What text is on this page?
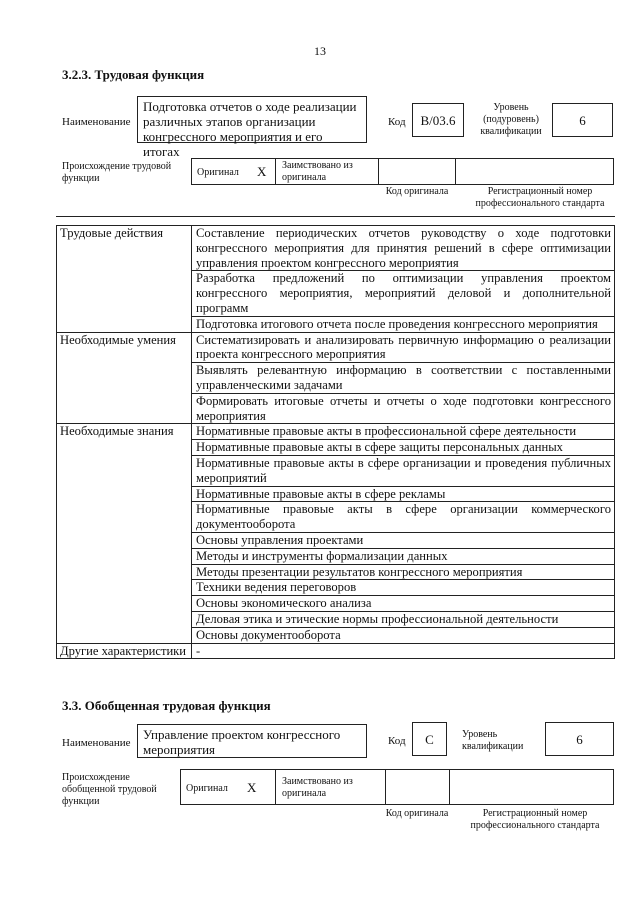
13
3.2.3. Трудовая функция
Наименование
Подготовка отчетов о ходе реализации различных этапов организации конгрессного мероприятия и его итогах
Код	B/03.6
Уровень (подуровень) квалификации
6
Происхождение трудовой функции
Оригинал X Заимствовано из оригинала
Код оригинала	Регистрационный номер профессионального стандарта
Трудовые действия	Составление периодических отчетов руководству о ходе подготовки конгрессного мероприятия для принятия решений в сфере оптимизации управления проектом конгрессного мероприятия
	Разработка предложений по оптимизации управления проектом конгрессного мероприятия, мероприятий деловой и дополнительной программ
	Подготовка итогового отчета после проведения конгрессного мероприятия
Необходимые умения	Систематизировать и анализировать первичную информацию о реализации проекта конгрессного мероприятия
	Выявлять релевантную информацию в соответствии с поставленными управленческими задачами
	Формировать итоговые отчеты и отчеты о ходе подготовки конгрессного мероприятия
Необходимые знания	Нормативные правовые акты в профессиональной сфере деятельности
	Нормативные правовые акты в сфере защиты персональных данных
	Нормативные правовые акты в сфере организации и проведения публичных мероприятий
	Нормативные правовые акты в сфере рекламы
	Нормативные правовые акты в сфере организации коммерческого документооборота
	Основы управления проектами
	Методы и инструменты формализации данных
	Методы презентации результатов конгрессного мероприятия
	Техники ведения переговоров
	Основы экономического анализа
	Деловая этика и этические нормы профессиональной деятельности
	Основы документооборота
Другие характеристики	-
3.3. Обобщенная трудовая функция
Наименование
Управление проектом конгрессного мероприятия
Код	C	Уровень квалификации	6
Происхождение обобщенной трудовой функции
Оригинал X	Заимствовано из оригинала
Код оригинала	Регистрационный номер профессионального стандарта
